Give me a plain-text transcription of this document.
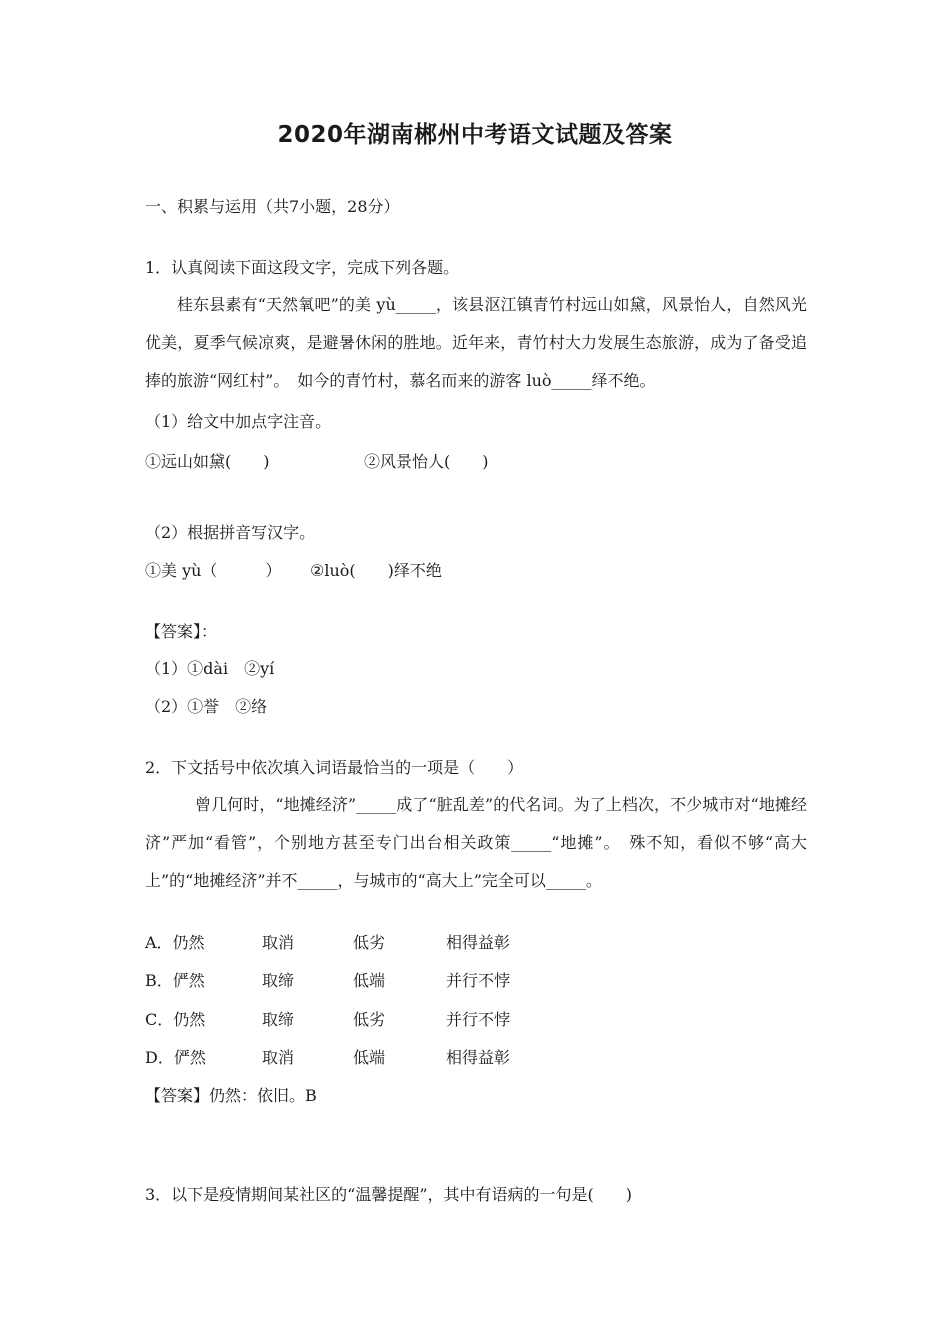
2020年湖南郴州中考语文试题及答案
一、积累与运用（共7小题，28分）
1．认真阅读下面这段文字，完成下列各题。
桂东县素有“天然氧吧”的美 yù_____，该县沤江镇青竹村远山如黛，风景怡人，自然风光优美，夏季气候凉爽，是避暑休闲的胜地。近年来，青竹村大力发展生态旅游，成为了备受追捧的旅游“网红村”。　如今的青竹村，慕名而来的游客 luò_____绎不绝。
（1）给文中加点字注音。
①远山如黛(　　)	②风景怡人(　　)
（2）根据拼音写汉字。
①美 yù（　　　） ②luò(　　)绎不绝
【答案】：
（1）①dài　②yí
（2）①誉　②络
2．下文括号中依次填入词语最恰当的一项是（　　）
曾几何时，“地摊经济”_____成了“脏乱差”的代名词。为了上档次，不少城市对“地摊经济”严加“看管”，个别地方甚至专门出台相关政策_____“地摊”。　殊不知，看似不够“高大上”的“地摊经济”并不_____，与城市的“高大上”完全可以_____。
A．仍然	取消	低劣	相得益彰
B．俨然	取缔	低端	并行不悖
C．仍然	取缔	低劣	并行不悖
D．俨然	取消	低端	相得益彰
【答案】仍然：依旧。B
3．以下是疫情期间某社区的“温馨提醒”，其中有语病的一句是(　　)
